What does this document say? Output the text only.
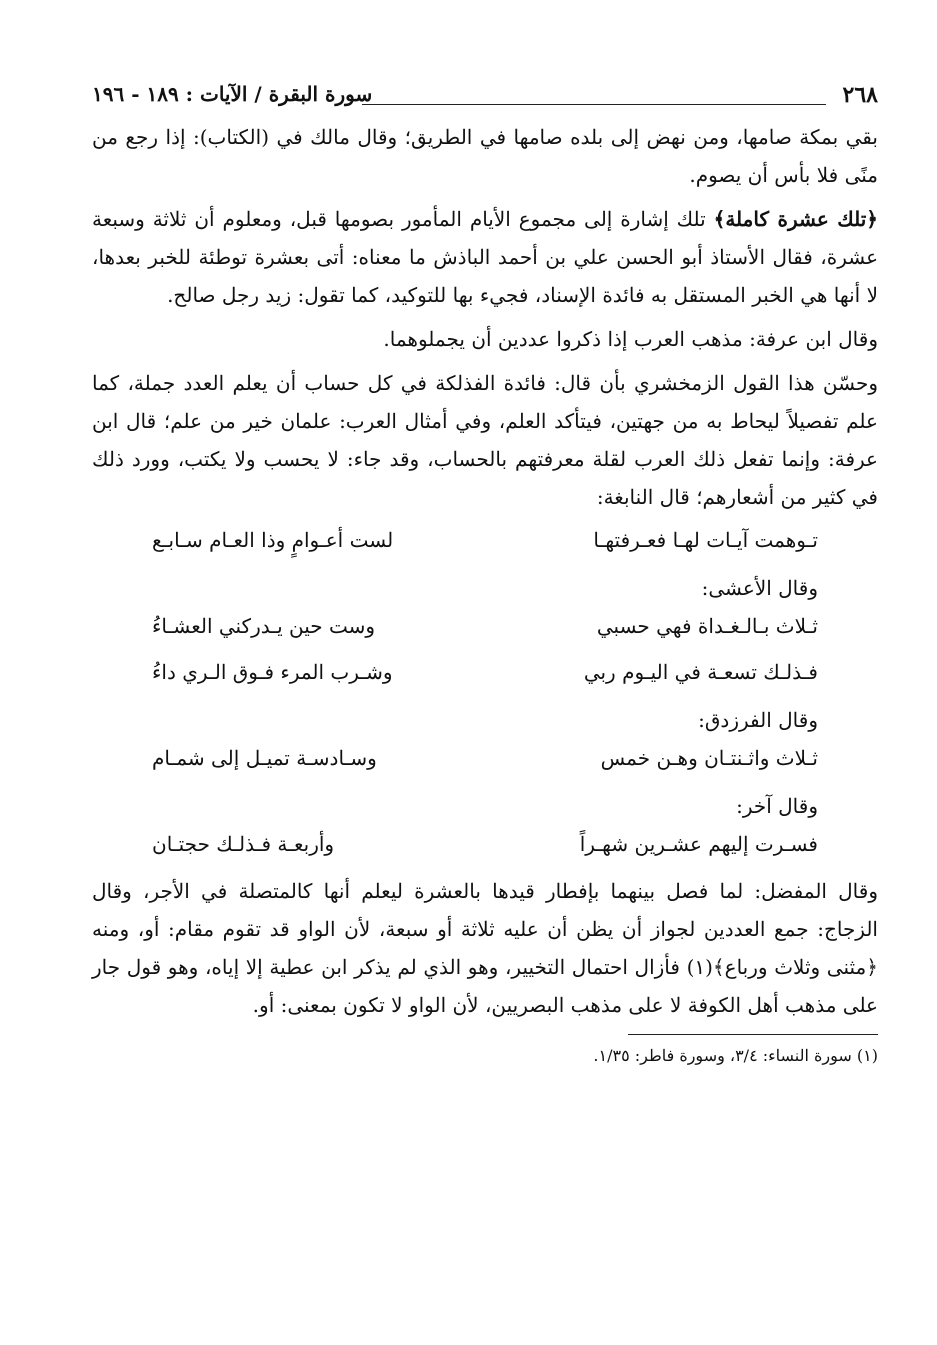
٢٦٨
سورة البقرة / الآيات : ١٨٩ - ١٩٦

بقي بمكة صامها، ومن نهض إلى بلده صامها في الطريق؛ وقال مالك في (الكتاب): إذا رجع من منًى فلا بأس أن يصوم.

﴿تلك عشرة كاملة﴾ تلك إشارة إلى مجموع الأيام المأمور بصومها قبل، ومعلوم أن ثلاثة وسبعة عشرة، فقال الأستاذ أبو الحسن علي بن أحمد الباذش ما معناه: أتى بعشرة توطئة للخبر بعدها، لا أنها هي الخبر المستقل به فائدة الإسناد، فجيء بها للتوكيد، كما تقول: زيد رجل صالح.

وقال ابن عرفة: مذهب العرب إذا ذكروا عددين أن يجملوهما.

وحسّن هذا القول الزمخشري بأن قال: فائدة الفذلكة في كل حساب أن يعلم العدد جملة، كما علم تفصيلاً ليحاط به من جهتين، فيتأكد العلم، وفي أمثال العرب: علمان خير من علم؛ قال ابن عرفة: وإنما تفعل ذلك العرب لقلة معرفتهم بالحساب، وقد جاء: لا يحسب ولا يكتب، وورد ذلك في كثير من أشعارهم؛ قال النابغة:

تـوهمت آيـات لهـا فعـرفتهـا
لست أعـوامٍ وذا العـام سـابـع
وقال الأعشى:
ثـلاث بـالـغـداة فهي حسبي
وست حين يـدركني العشـاءُ
فـذلـك تسعـة في اليـوم ربي
وشـرب المرء فـوق الـري داءُ
وقال الفرزدق:
ثـلاث واثـنتـان وهـن خمس
وسـادسـة تميـل إلى شمـام
وقال آخر:
فسـرت إليهم عشـرين شهـراً
وأربعـة فـذلـك حجتـان

وقال المفضل: لما فصل بينهما بإفطار قيدها بالعشرة ليعلم أنها كالمتصلة في الأجر، وقال الزجاج: جمع العددين لجواز أن يظن أن عليه ثلاثة أو سبعة، لأن الواو قد تقوم مقام: أو، ومنه ﴿مثنى وثلاث ورباع﴾(١) فأزال احتمال التخيير، وهو الذي لم يذكر ابن عطية إلا إياه، وهو قول جار على مذهب أهل الكوفة لا على مذهب البصريين، لأن الواو لا تكون بمعنى: أو.

(١) سورة النساء: ٣/٤، وسورة فاطر: ١/٣٥.
